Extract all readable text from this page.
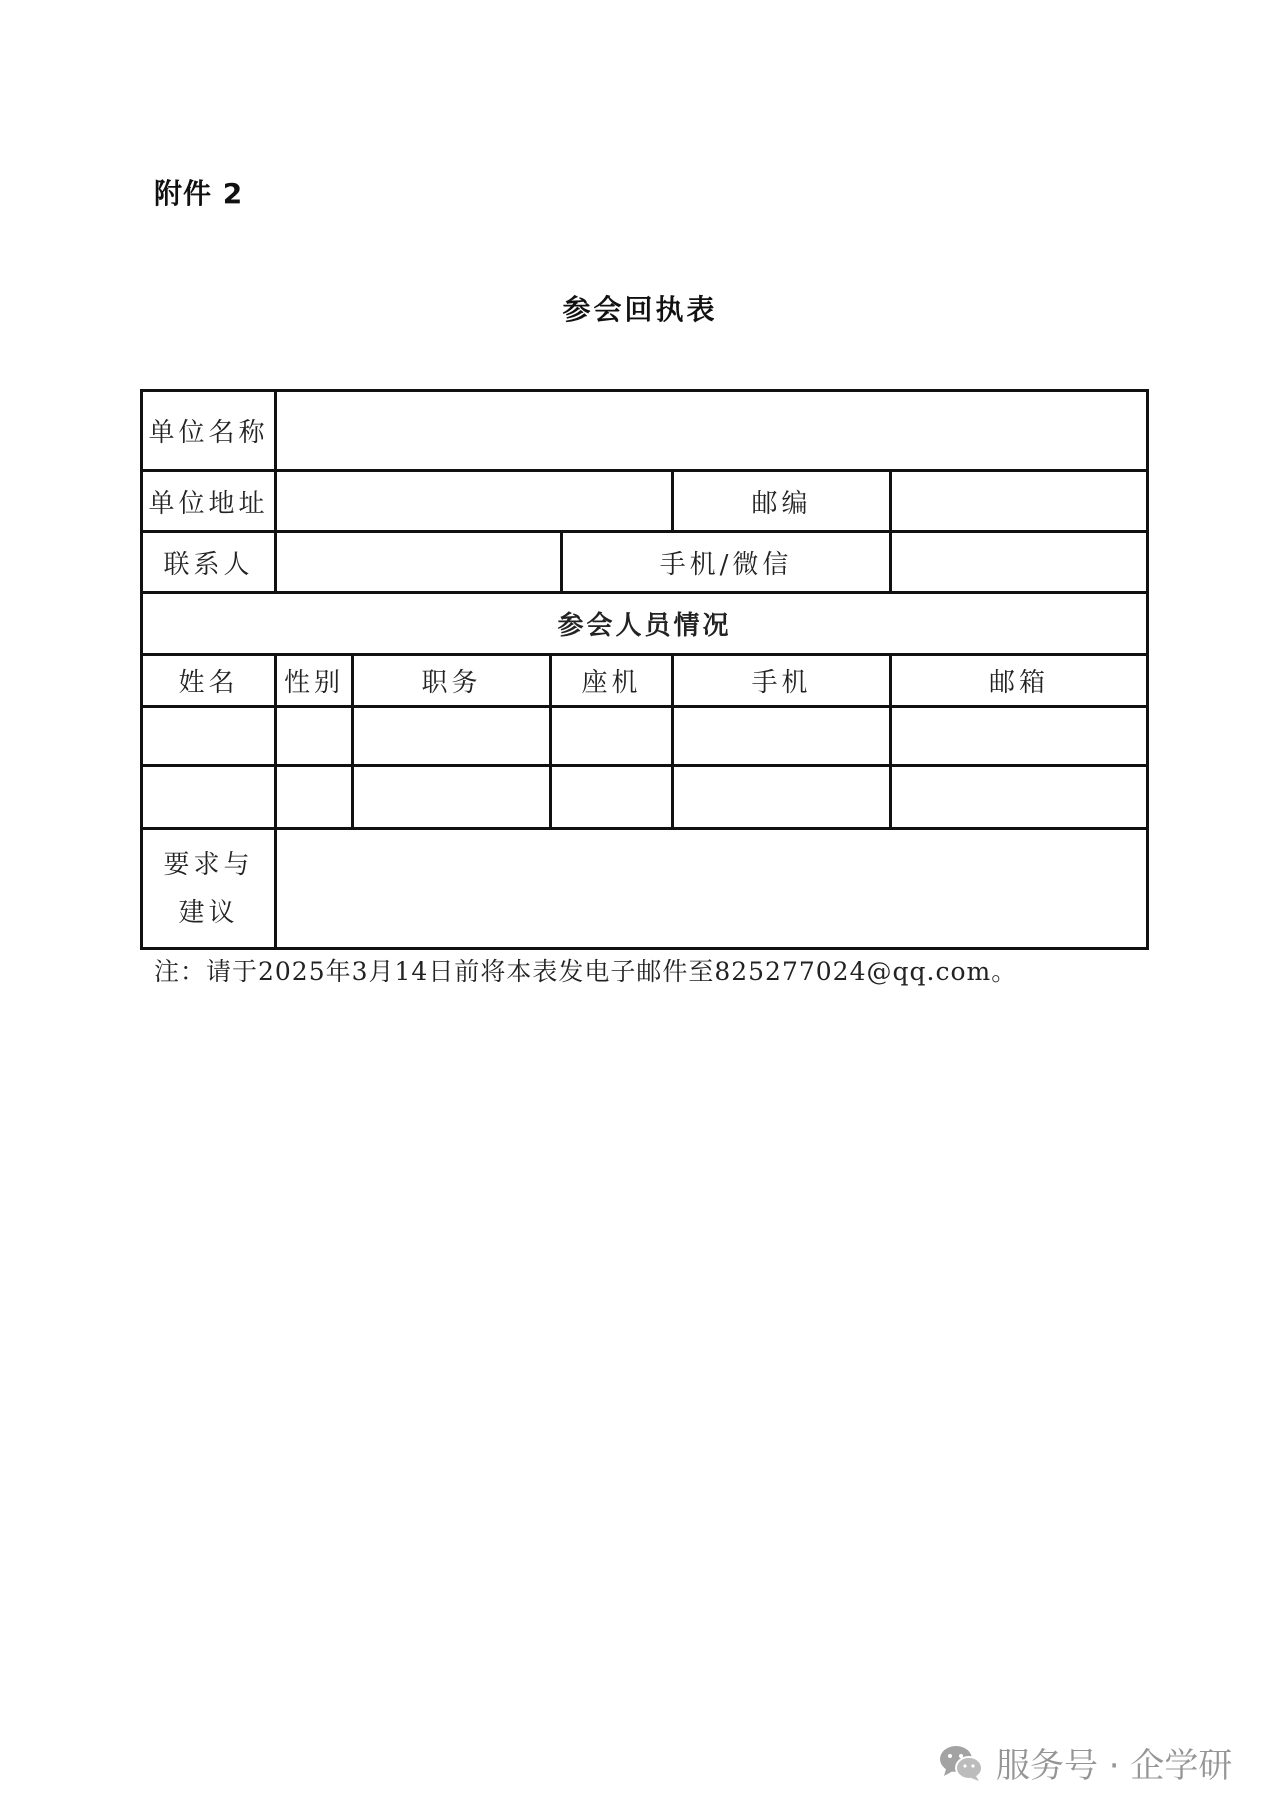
附件 2
参会回执表
单位名称						
单位地址					邮编	
联系人				手机/微信		
参会人员情况						
姓名	性别	职务	座机		手机	邮箱

要求与
建议						

注：请于2025年3月14日前将本表发电子邮件至825277024@qq.com。
服务号 · 企学研
